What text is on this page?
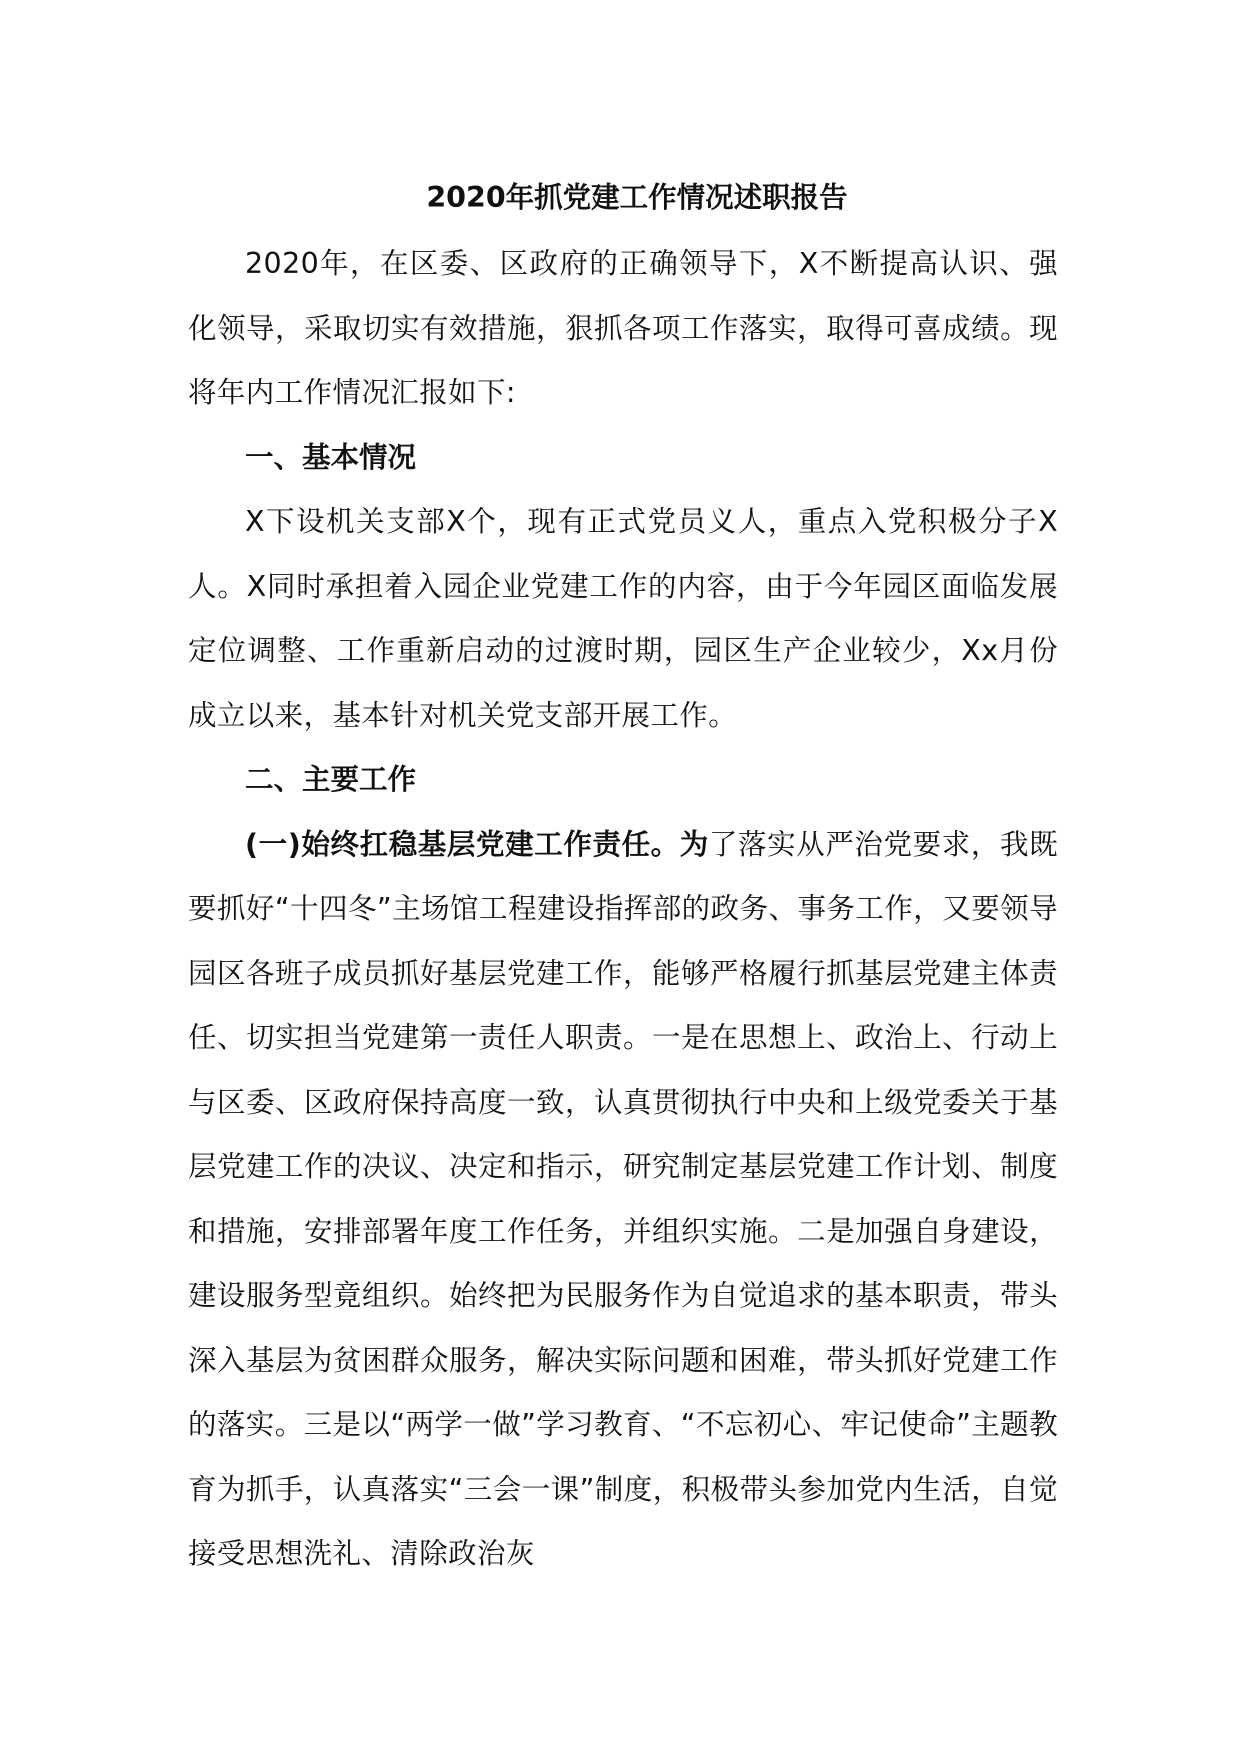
2020年抓党建工作情况述职报告

2020年，在区委、区政府的正确领导下，X不断提高认识、强化领导，采取切实有效措施，狠抓各项工作落实，取得可喜成绩。现将年内工作情况汇报如下:

一、基本情况

X下设机关支部X个，现有正式党员义人，重点入党积极分子X人。X同时承担着入园企业党建工作的内容，由于今年园区面临发展定位调整、工作重新启动的过渡时期，园区生产企业较少，Xx月份成立以来，基本针对机关党支部开展工作。

二、主要工作

(一)始终扛稳基层党建工作责任。为了落实从严治党要求，我既要抓好“十四冬”主场馆工程建设指挥部的政务、事务工作，又要领导园区各班子成员抓好基层党建工作，能够严格履行抓基层党建主体责任、切实担当党建第一责任人职责。一是在思想上、政治上、行动上与区委、区政府保持高度一致，认真贯彻执行中央和上级党委关于基层党建工作的决议、决定和指示，研究制定基层党建工作计划、制度和措施，安排部署年度工作任务，并组织实施。二是加强自身建设，建设服务型竟组织。始终把为民服务作为自觉追求的基本职责，带头深入基层为贫困群众服务，解决实际问题和困难，带头抓好党建工作的落实。三是以“两学一做”学习教育、“不忘初心、牢记使命”主题教育为抓手，认真落实“三会一课”制度，积极带头参加党内生活，自觉接受思想洗礼、清除政治灰
